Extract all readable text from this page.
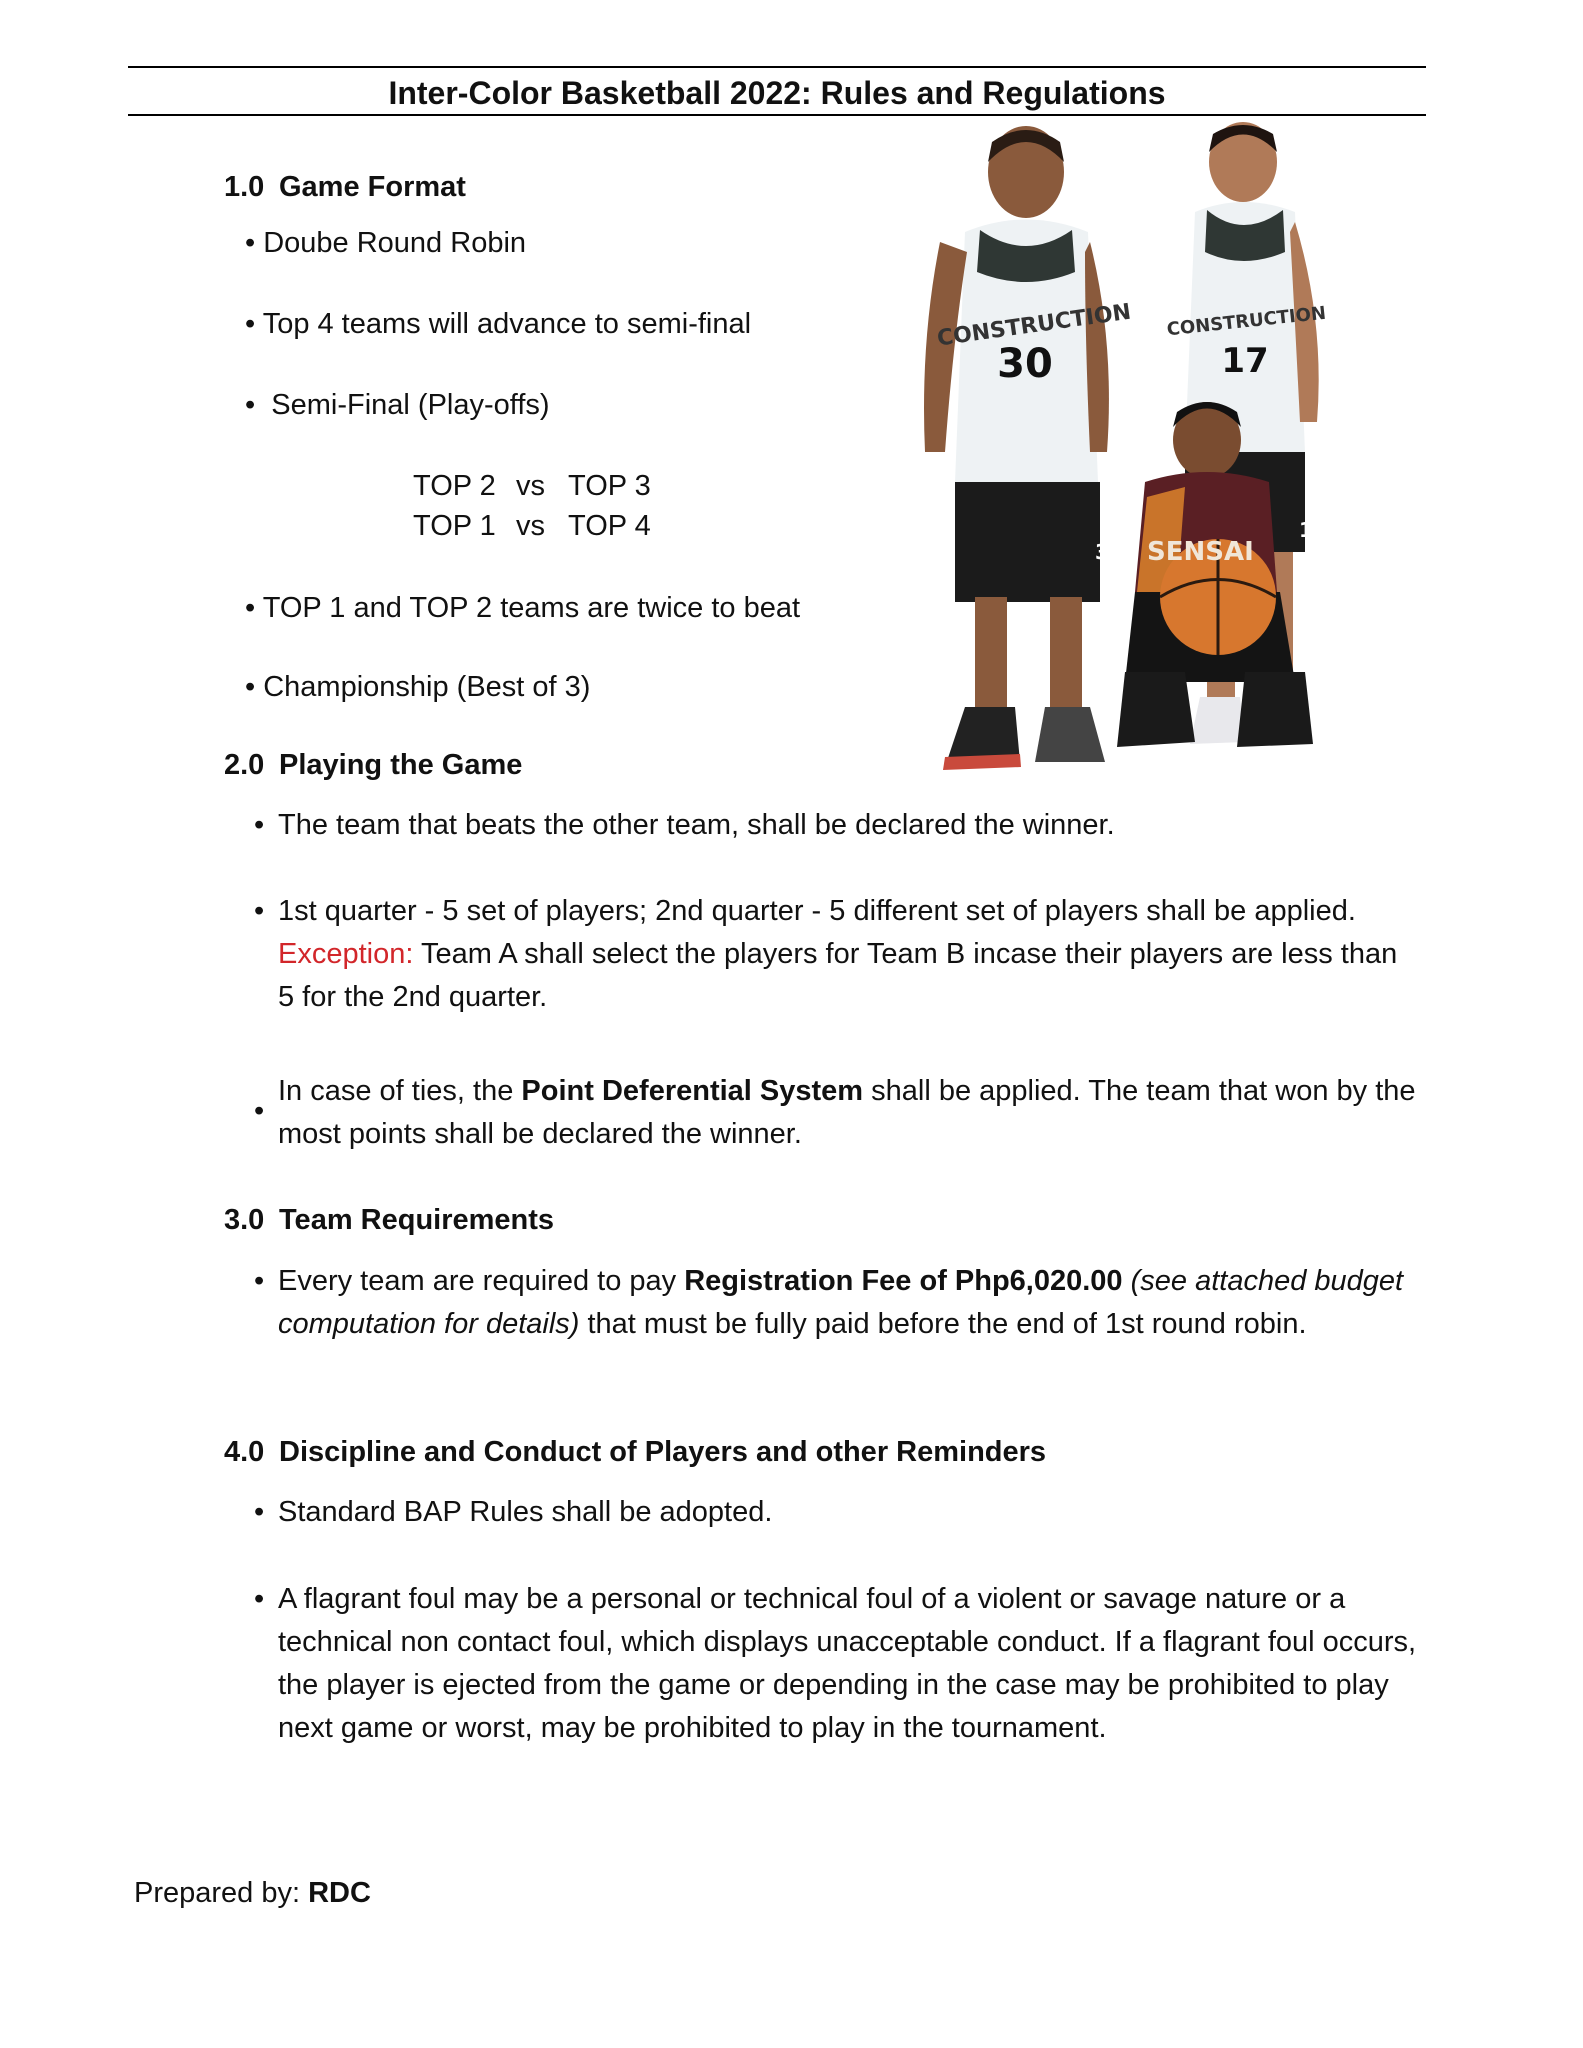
Inter-Color Basketball 2022: Rules and Regulations
1.0 Game Format
• Doube Round Robin
• Top 4 teams will advance to semi-final
•  Semi-Final (Play-offs)
TOP 2 vs TOP 3
TOP 1 vs TOP 4
• TOP 1 and TOP 2 teams are twice to beat
• Championship (Best of 3)
CONSTRUCTION
30
30
CONSTRUCTION
17
17
SENSAI
2.0 Playing the Game
• The team that beats the other team, shall be declared the winner.
• 1st quarter - 5 set of players; 2nd quarter - 5 different set of players shall be applied. Exception: Team A shall select the players for Team B incase their players are less than 5 for the 2nd quarter.
•
In case of ties, the Point Deferential System shall be applied. The team that won by the most points shall be declared the winner.
3.0 Team Requirements
• Every team are required to pay Registration Fee of Php6,020.00 (see attached budget computation for details) that must be fully paid before the end of 1st round robin.
4.0 Discipline and Conduct of Players and other Reminders
• Standard BAP Rules shall be adopted.
• A flagrant foul may be a personal or technical foul of a violent or savage nature or a technical non contact foul, which displays unacceptable conduct. If a flagrant foul occurs, the player is ejected from the game or depending in the case may be prohibited to play next game or worst, may be prohibited to play in the tournament.
Prepared by: RDC
